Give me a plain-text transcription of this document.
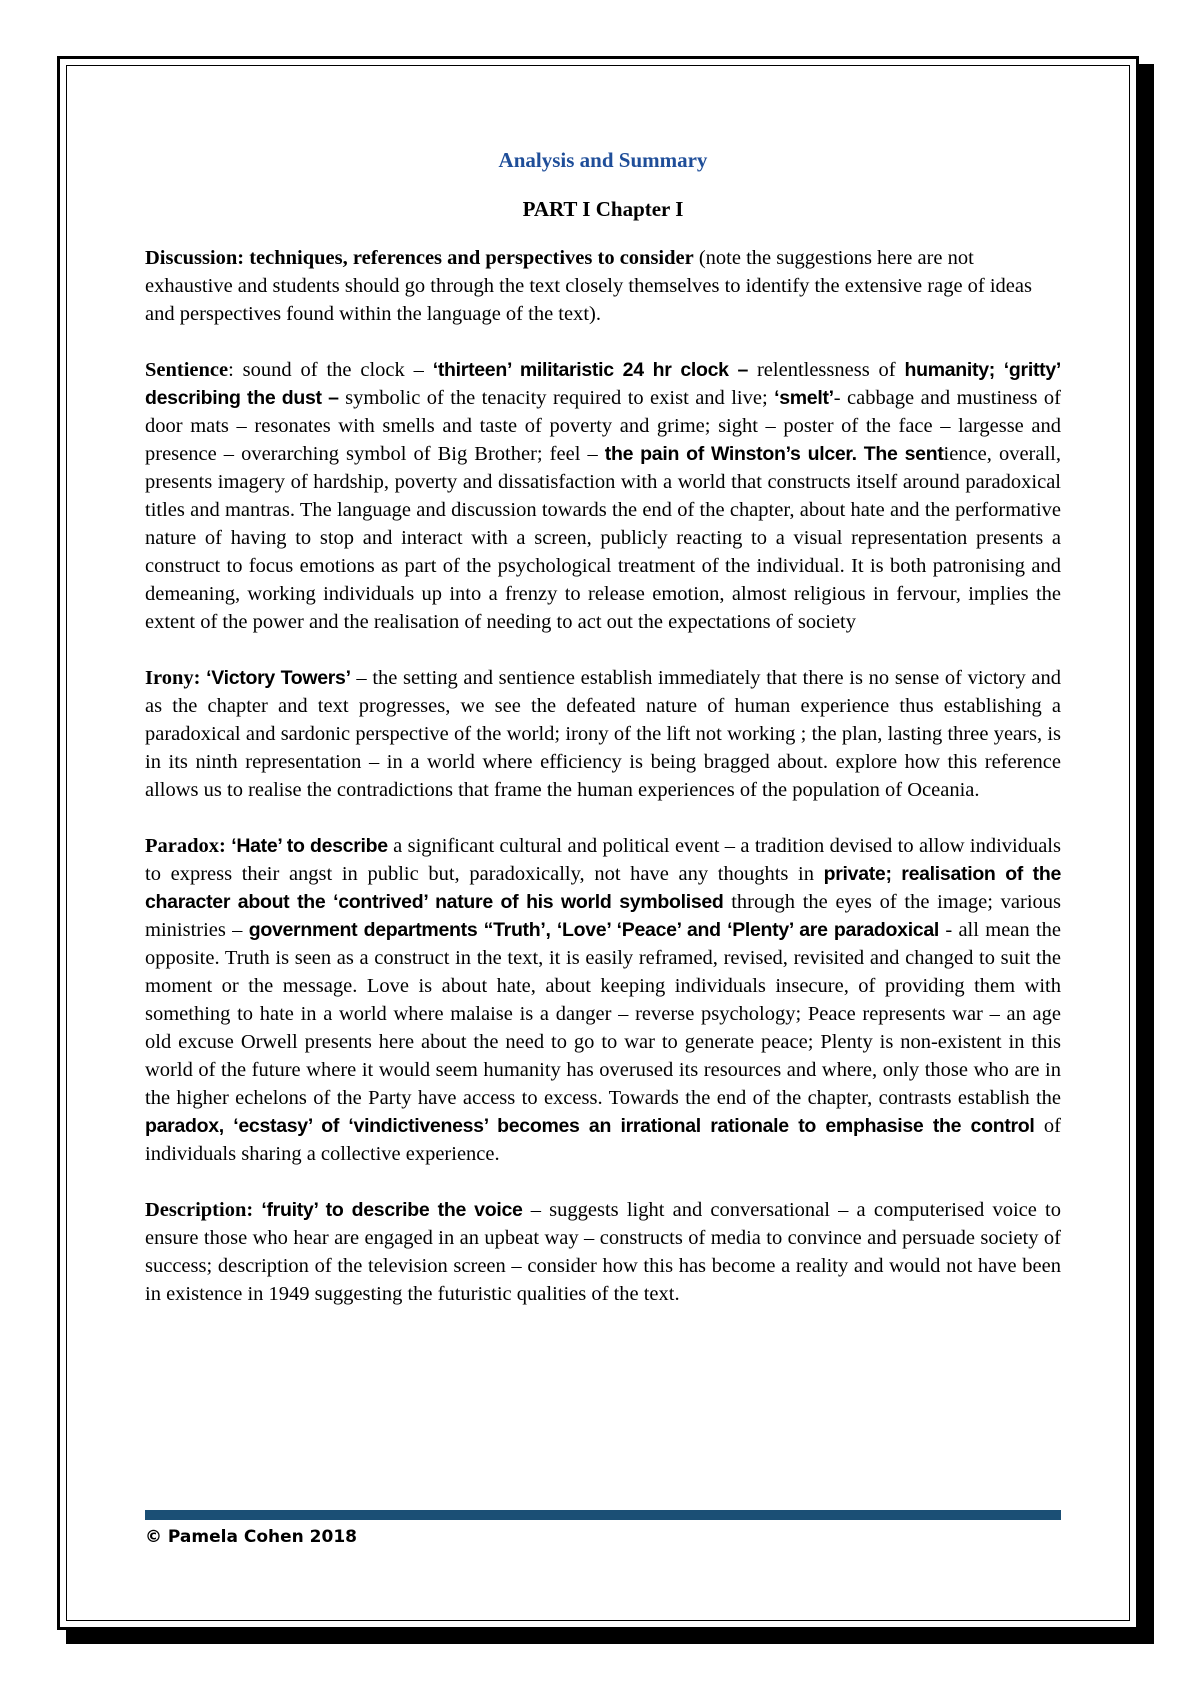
Analysis and Summary
PART I Chapter I

Discussion: techniques, references and perspectives to consider (note the suggestions here are not exhaustive and students should go through the text closely themselves to identify the extensive rage of ideas and perspectives found within the language of the text).

Sentience: sound of the clock – ‘thirteen’ militaristic 24 hr clock – relentlessness of humanity; ‘gritty’ describing the dust – symbolic of the tenacity required to exist and live; ‘smelt’- cabbage and mustiness of door mats – resonates with smells and taste of poverty and grime; sight – poster of the face – largesse and presence – overarching symbol of Big Brother; feel – the pain of Winston’s ulcer. The sentience, overall, presents imagery of hardship, poverty and dissatisfaction with a world that constructs itself around paradoxical titles and mantras. The language and discussion towards the end of the chapter, about hate and the performative nature of having to stop and interact with a screen, publicly reacting to a visual representation presents a construct to focus emotions as part of the psychological treatment of the individual. It is both patronising and demeaning, working individuals up into a frenzy to release emotion, almost religious in fervour, implies the extent of the power and the realisation of needing to act out the expectations of society

Irony: ‘Victory Towers’ – the setting and sentience establish immediately that there is no sense of victory and as the chapter and text progresses, we see the defeated nature of human experience thus establishing a paradoxical and sardonic perspective of the world; irony of the lift not working ; the plan, lasting three years, is in its ninth representation – in a world where efficiency is being bragged about. explore how this reference allows us to realise the contradictions that frame the human experiences of the population of Oceania.

Paradox: ‘Hate’ to describe a significant cultural and political event – a tradition devised to allow individuals to express their angst in public but, paradoxically, not have any thoughts in private; realisation of the character about the ‘contrived’ nature of his world symbolised through the eyes of the image; various ministries – government departments “Truth’, ‘Love’ ‘Peace’ and ‘Plenty’ are paradoxical - all mean the opposite. Truth is seen as a construct in the text, it is easily reframed, revised, revisited and changed to suit the moment or the message. Love is about hate, about keeping individuals insecure, of providing them with something to hate in a world where malaise is a danger – reverse psychology; Peace represents war – an age old excuse Orwell presents here about the need to go to war to generate peace; Plenty is non-existent in this world of the future where it would seem humanity has overused its resources and where, only those who are in the higher echelons of the Party have access to excess. Towards the end of the chapter, contrasts establish the paradox, ‘ecstasy’ of ‘vindictiveness’ becomes an irrational rationale to emphasise the control of individuals sharing a collective experience.

Description: ‘fruity’ to describe the voice – suggests light and conversational – a computerised voice to ensure those who hear are engaged in an upbeat way – constructs of media to convince and persuade society of success; description of the television screen – consider how this has become a reality and would not have been in existence in 1949 suggesting the futuristic qualities of the text.

© Pamela Cohen 2018
